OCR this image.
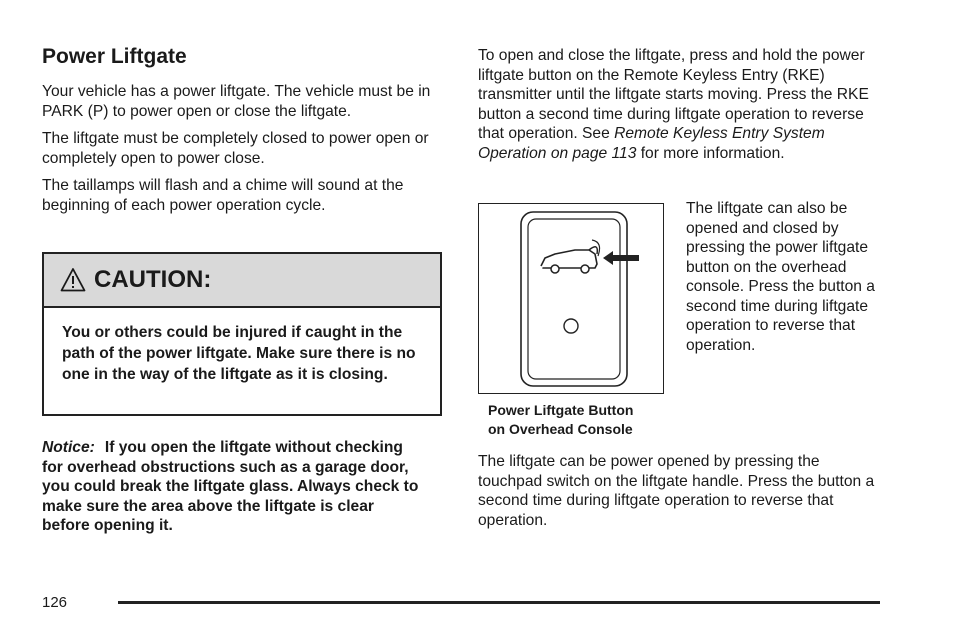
Power Liftgate

Your vehicle has a power liftgate. The vehicle must be in PARK (P) to power open or close the liftgate.

The liftgate must be completely closed to power open or completely open to power close.

The taillamps will flash and a chime will sound at the beginning of each power operation cycle.

CAUTION:
You or others could be injured if caught in the path of the power liftgate. Make sure there is no one in the way of the liftgate as it is closing.
Notice: If you open the liftgate without checking for overhead obstructions such as a garage door, you could break the liftgate glass. Always check to make sure the area above the liftgate is clear before opening it.

To open and close the liftgate, press and hold the power liftgate button on the Remote Keyless Entry (RKE) transmitter until the liftgate starts moving. Press the RKE button a second time during liftgate operation to reverse that operation. See Remote Keyless Entry System Operation on page 113 for more information.

Power Liftgate Button
on Overhead Console
The liftgate can also be opened and closed by pressing the power liftgate button on the overhead console. Press the button a second time during liftgate operation to reverse that operation.
The liftgate can be power opened by pressing the touchpad switch on the liftgate handle. Press the button a second time during liftgate operation to reverse that operation.
126
